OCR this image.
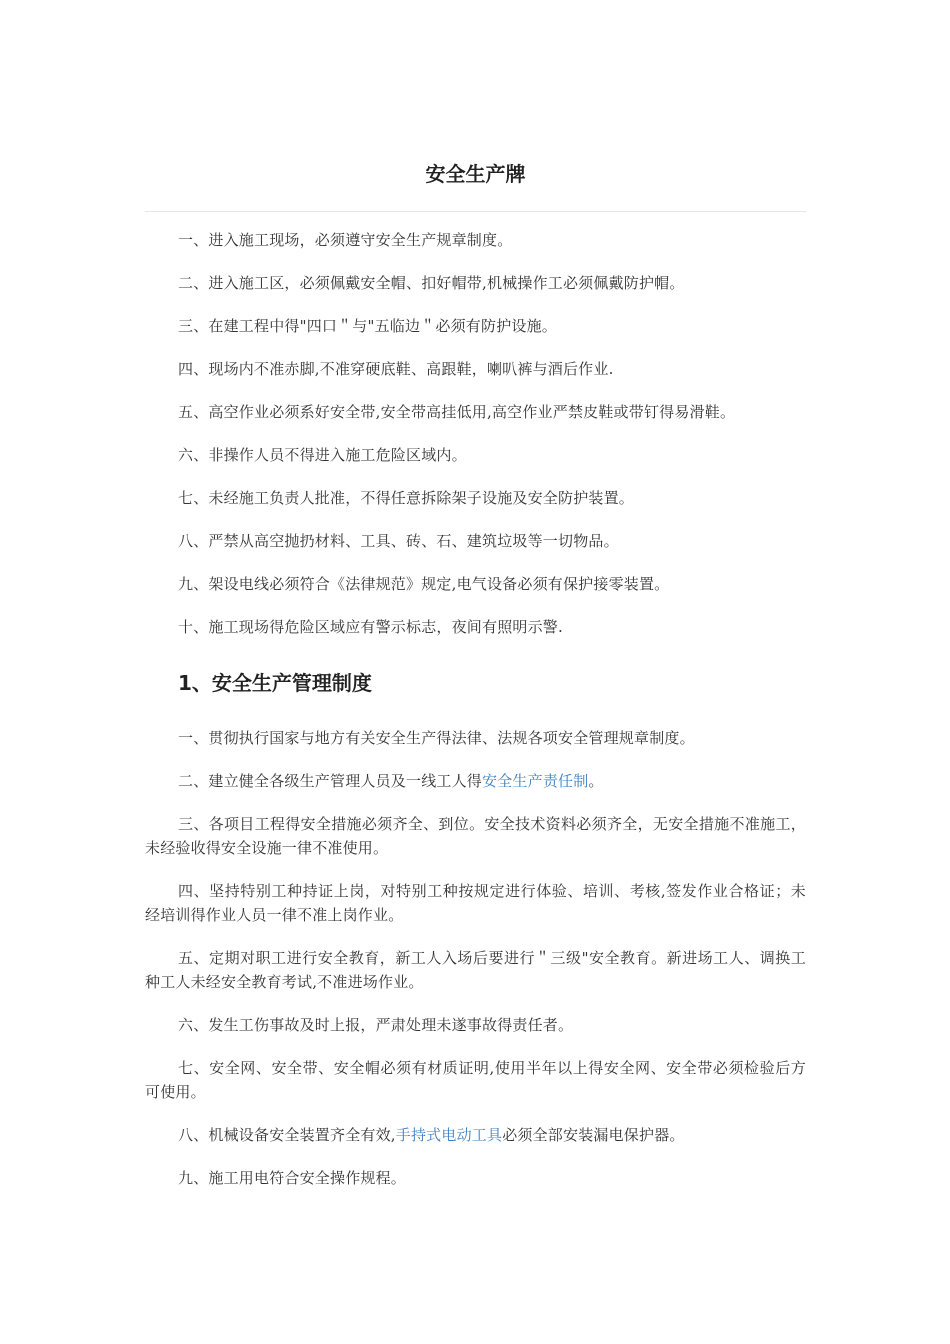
安全生产牌
一、进入施工现场，必须遵守安全生产规章制度。
二、进入施工区，必须佩戴安全帽、扣好帽带,机械操作工必须佩戴防护帽。
三、在建工程中得"四口＂与"五临边＂必须有防护设施。
四、现场内不准赤脚,不准穿硬底鞋、高跟鞋，喇叭裤与酒后作业.
五、高空作业必须系好安全带,安全带高挂低用,高空作业严禁皮鞋或带钉得易滑鞋。
六、非操作人员不得进入施工危险区域内。
七、未经施工负责人批准，不得任意拆除架子设施及安全防护装置。
八、严禁从高空抛扔材料、工具、砖、石、建筑垃圾等一切物品。
九、架设电线必须符合《法律规范》规定,电气设备必须有保护接零装置。
十、施工现场得危险区域应有警示标志，夜间有照明示警.
1、安全生产管理制度
一、贯彻执行国家与地方有关安全生产得法律、法规各项安全管理规章制度。
二、建立健全各级生产管理人员及一线工人得安全生产责任制。
三、各项目工程得安全措施必须齐全、到位。安全技术资料必须齐全，无安全措施不准施工，未经验收得安全设施一律不准使用。
四、坚持特别工种持证上岗，对特别工种按规定进行体验、培训、考核,签发作业合格证；未经培训得作业人员一律不准上岗作业。
五、定期对职工进行安全教育，新工人入场后要进行＂三级"安全教育。新进场工人、调换工种工人未经安全教育考试,不准进场作业。
六、发生工伤事故及时上报，严肃处理未遂事故得责任者。
七、安全网、安全带、安全帽必须有材质证明,使用半年以上得安全网、安全带必须检验后方可使用。
八、机械设备安全装置齐全有效,手持式电动工具必须全部安装漏电保护器。
九、施工用电符合安全操作规程。
